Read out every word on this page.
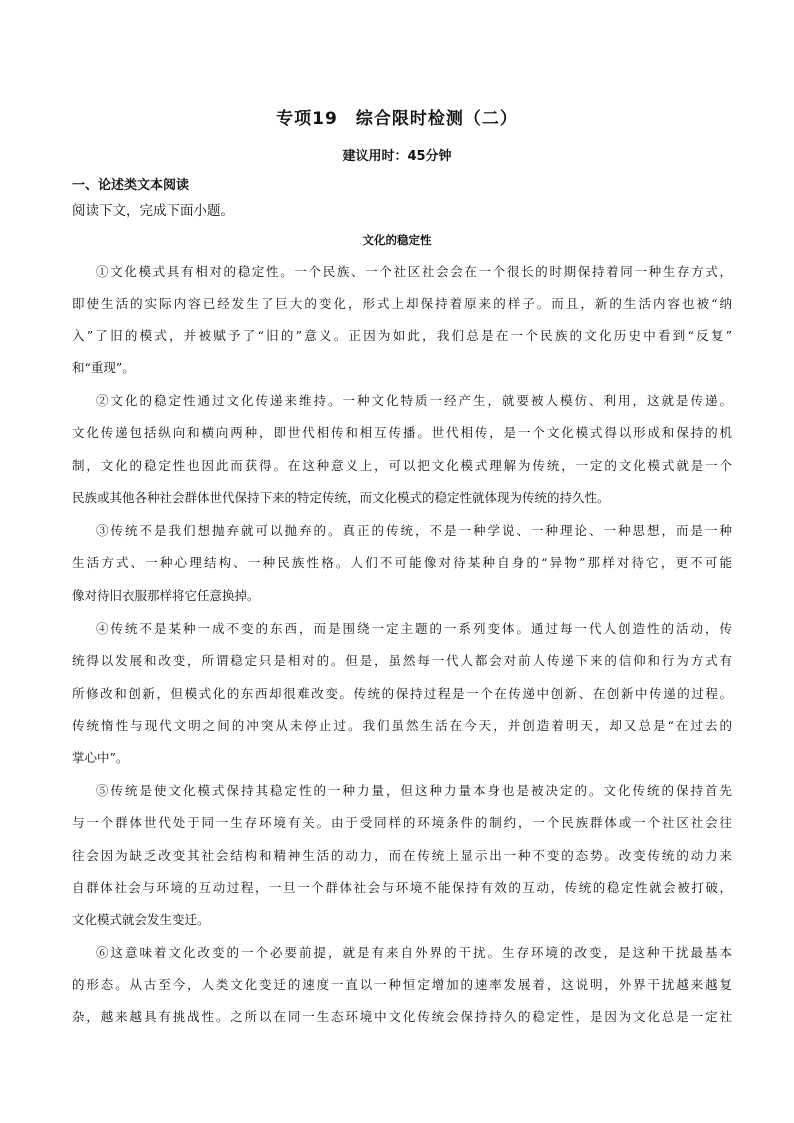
专项19　综合限时检测（二）
建议用时：45分钟
一、论述类文本阅读
阅读下文，完成下面小题。
文化的稳定性
①文化模式具有相对的稳定性。一个民族、一个社区社会会在一个很长的时期保持着同一种生存方式，
即使生活的实际内容已经发生了巨大的变化，形式上却保持着原来的样子。而且，新的生活内容也被“纳
入”了旧的模式，并被赋予了“旧的”意义。正因为如此，我们总是在一个民族的文化历史中看到“反复”
和“重现”。
②文化的稳定性通过文化传递来维持。一种文化特质一经产生，就要被人模仿、利用，这就是传递。
文化传递包括纵向和横向两种，即世代相传和相互传播。世代相传，是一个文化模式得以形成和保持的机
制，文化的稳定性也因此而获得。在这种意义上，可以把文化模式理解为传统，一定的文化模式就是一个
民族或其他各种社会群体世代保持下来的特定传统，而文化模式的稳定性就体现为传统的持久性。
③传统不是我们想抛弃就可以抛弃的。真正的传统，不是一种学说、一种理论、一种思想，而是一种
生活方式、一种心理结构、一种民族性格。人们不可能像对待某种自身的“异物”那样对待它，更不可能
像对待旧衣服那样将它任意换掉。
④传统不是某种一成不变的东西，而是围绕一定主题的一系列变体。通过每一代人创造性的活动，传
统得以发展和改变，所谓稳定只是相对的。但是，虽然每一代人都会对前人传递下来的信仰和行为方式有
所修改和创新，但模式化的东西却很难改变。传统的保持过程是一个在传递中创新、在创新中传递的过程。
传统惰性与现代文明之间的冲突从未停止过。我们虽然生活在今天，并创造着明天，却又总是“在过去的
掌心中”。
⑤传统是使文化模式保持其稳定性的一种力量，但这种力量本身也是被决定的。文化传统的保持首先
与一个群体世代处于同一生存环境有关。由于受同样的环境条件的制约，一个民族群体或一个社区社会往
往会因为缺乏改变其社会结构和精神生活的动力，而在传统上显示出一种不变的态势。改变传统的动力来
自群体社会与环境的互动过程，一旦一个群体社会与环境不能保持有效的互动，传统的稳定性就会被打破，
文化模式就会发生变迁。
⑥这意味着文化改变的一个必要前提，就是有来自外界的干扰。生存环境的改变，是这种干扰最基本
的形态。从古至今，人类文化变迁的速度一直以一种恒定增加的速率发展着，这说明，外界干扰越来越复
杂，越来越具有挑战性。之所以在同一生态环境中文化传统会保持持久的稳定性，是因为文化总是一定社
